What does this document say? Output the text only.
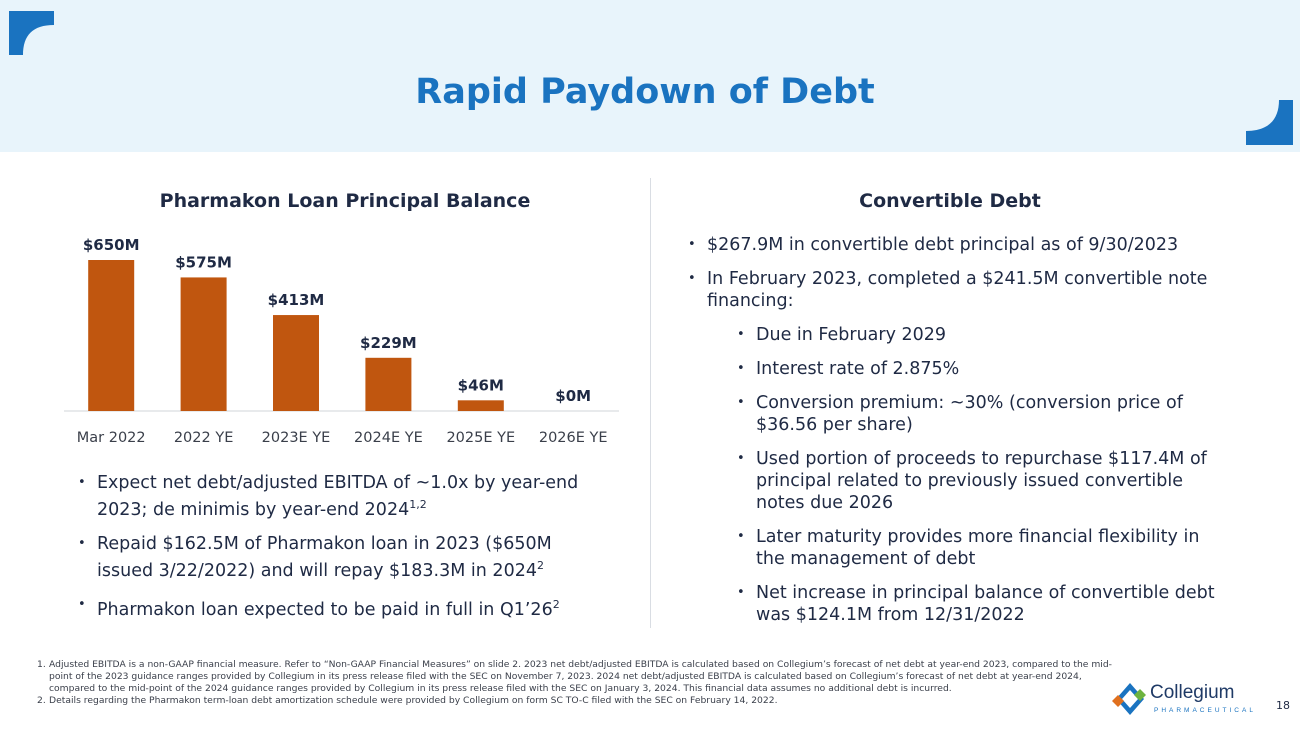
Rapid Paydown of Debt
Pharmakon Loan Principal Balance
$650M
Mar 2022
$575M
2022 YE
$413M
2023E YE
$229M
2024E YE
$46M
2025E YE
$0M
2026E YE
• Expect net debt/adjusted EBITDA of ~1.0x by year-end 2023; de minimis by year-end 2024$^{1,2}$
• Repaid $162.5M of Pharmakon loan in 2023 ($650M issued 3/22/2022) and will repay $183.3M in 2024$^2$
• Pharmakon loan expected to be paid in full in $Q1’26^2$
Convertible Debt
• $267.9M in convertible debt principal as of 9/30/2023
• In February 2023, completed a $241.5M convertible note financing:
• Due in February 2029
• Interest rate of 2.875%
• Conversion premium: ~30% (conversion price of $36.56 per share)
• Used portion of proceeds to repurchase $117.4M of principal related to previously issued convertible notes due 2026
• Later maturity provides more financial flexibility in the management of debt
• Net increase in principal balance of convertible debt was $124.1M from 12/31/2022
1. Adjusted EBITDA is a non-GAAP financial measure. Refer to “Non-GAAP Financial Measures” on slide 2. 2023 net debt/adjusted EBITDA is calculated based on Collegium’s forecast of net debt at year-end 2023, compared to the mid-point of the 2023 guidance ranges provided by Collegium in its press release filed with the SEC on November 7, 2023. 2024 net debt/adjusted EBITDA is calculated based on Collegium’s forecast of net debt at year-end 2024, compared to the mid-point of the 2024 guidance ranges provided by Collegium in its press release filed with the SEC on January 3, 2024. This financial data assumes no additional debt is incurred.
2. Details regarding the Pharmakon term-loan debt amortization schedule were provided by Collegium on form SC TO-C filed with the SEC on February 14, 2022.	Collegium
PHARMACEUTICAL 18
